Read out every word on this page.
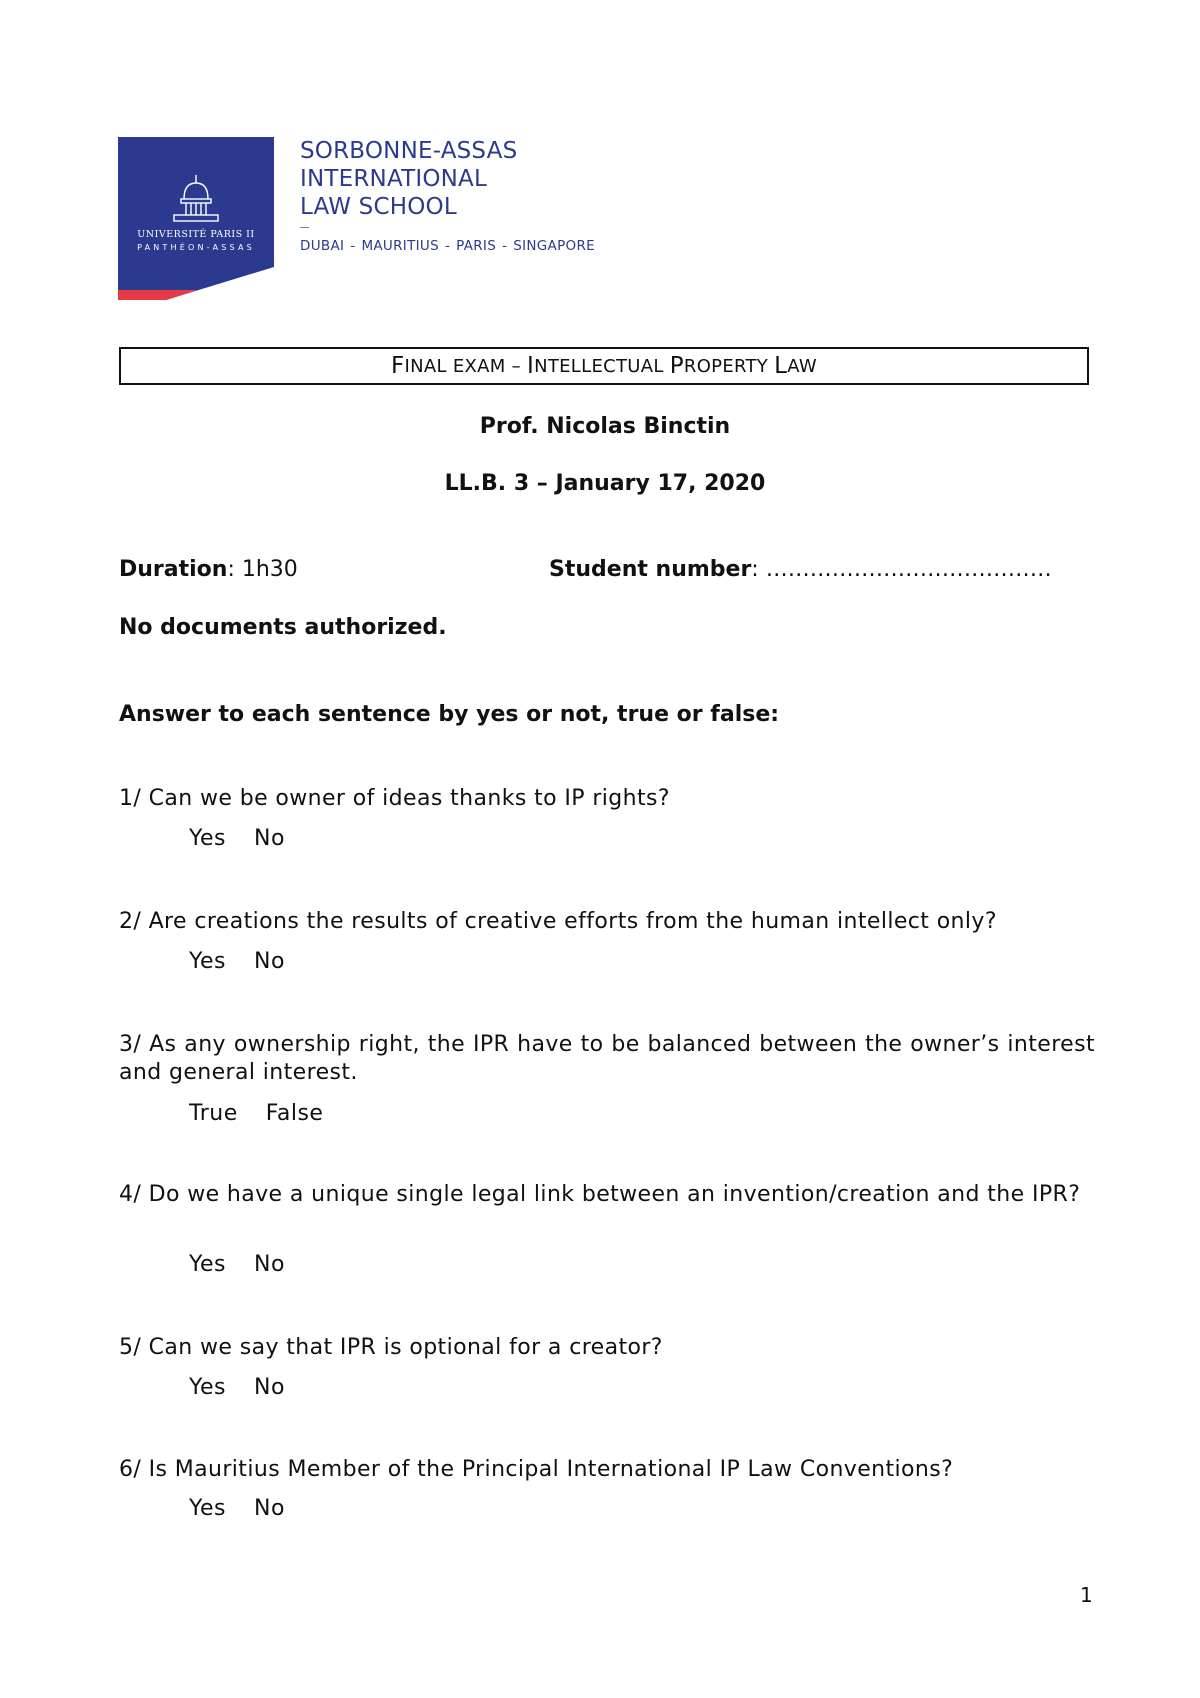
UNIVERSITÉ PARIS II
PANTHÉON-ASSAS
SORBONNE-ASSAS
INTERNATIONAL
LAW SCHOOL
DUBAI - MAURITIUS - PARIS - SINGAPORE
F INAL EXAM – I NTELLECTUAL P ROPERTY L AW
Prof. Nicolas Binctin
LL.B. 3 – January 17, 2020
Duration: 1h30	Student number: …………………………………
No documents authorized.
Answer to each sentence by yes or not, true or false:
1/ Can we be owner of ideas thanks to IP rights?
Yes No
2/ Are creations the results of creative efforts from the human intellect only?
Yes No
3/ As any ownership right, the IPR have to be balanced between the owner’s interest and general interest.
True False
4/ Do we have a unique single legal link between an invention/creation and the IPR?
Yes No
5/ Can we say that IPR is optional for a creator?
Yes No
6/ Is Mauritius Member of the Principal International IP Law Conventions?
Yes No
1
